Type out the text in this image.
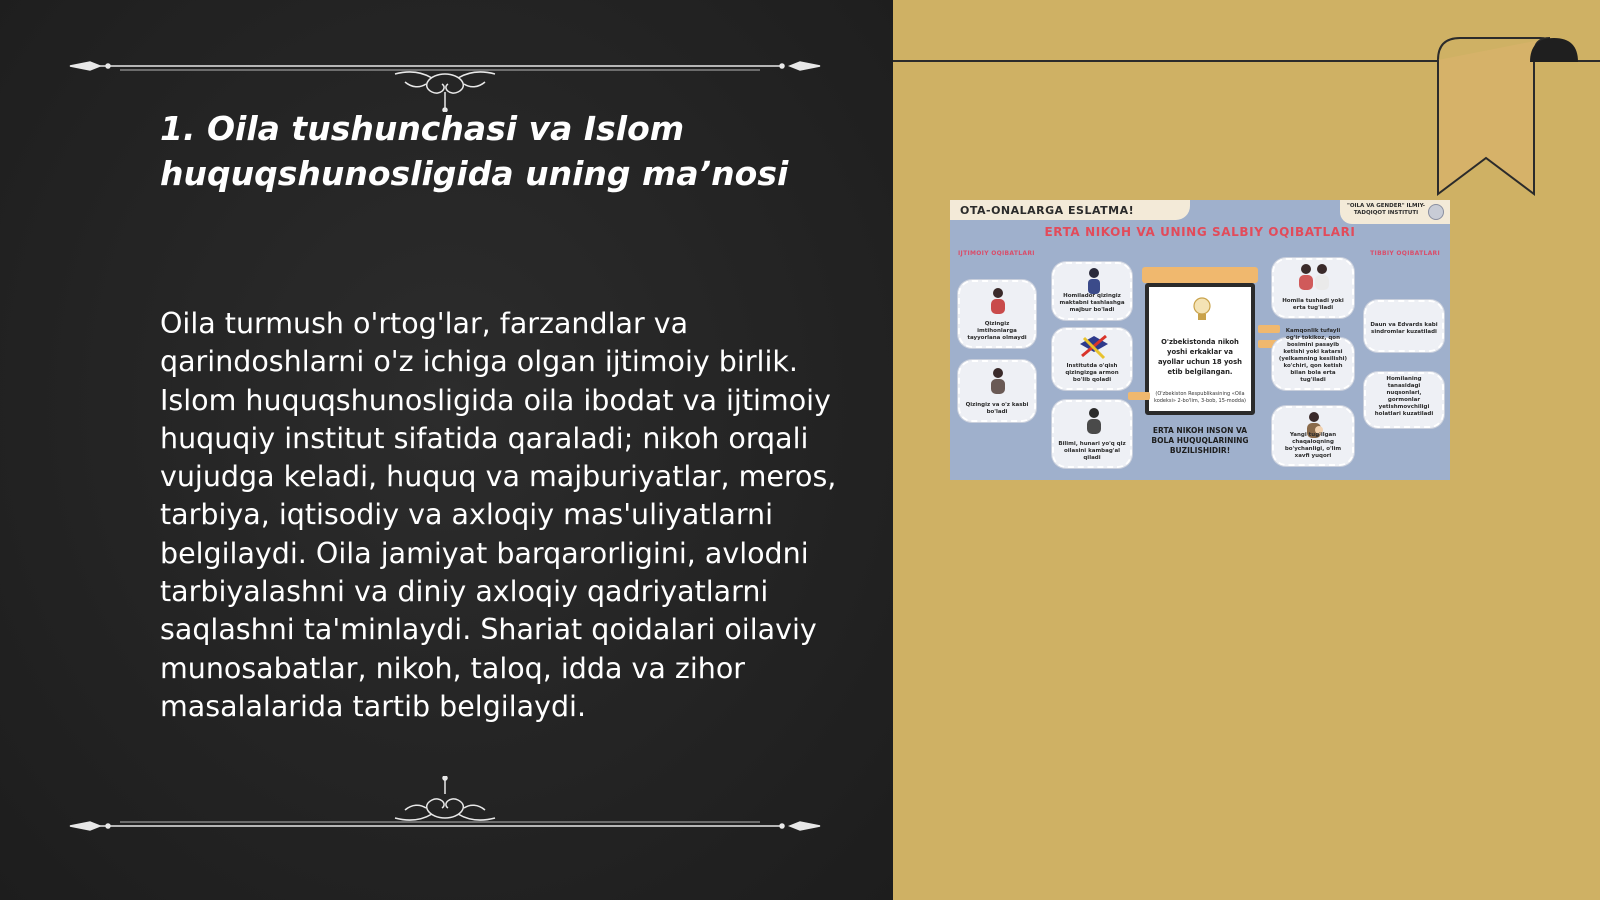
1. Oila tushunchasi va Islom huquqshunosligida uning ma’nosi
Oila turmush o'rtog'lar, farzandlar va qarindoshlarni o'z ichiga olgan ijtimoiy birlik. Islom huquqshunosligida oila ibodat va ijtimoiy huquqiy institut sifatida qaraladi; nikoh orqali vujudga keladi, huquq va majburiyatlar, meros, tarbiya, iqtisodiy va axloqiy mas'uliyatlarni belgilaydi. Oila jamiyat barqarorligini, avlodni tarbiyalashni va diniy axloqiy qadriyatlarni saqlashni ta'minlaydi. Shariat qoidalari oilaviy munosabatlar, nikoh, taloq, idda va zihor masalalarida tartib belgilaydi.
OTA-ONALARGA ESLATMA!	"OILA VA GENDER" ILMIY-TADQIQOT INSTITUTI
ERTA NIKOH VA UNING SALBIY OQIBATLARI
IJTIMOIY OQIBATLARI	TIBBIY OQIBATLARI
Qizingiz imtihonlarga tayyorlana olmaydi
Qizingiz va o'z kasbi bo'ladi
Homilador qizingiz maktabni tashlashga majbur bo'ladi
Institutda o'qish qizingizga armon bo'lib qoladi
Bilimi, hunari yo'q qiz oilasini kambag'al qiladi
O'zbekistonda nikoh yoshi erkaklar va ayollar uchun 18 yosh etib belgilangan.
(O'zbekiston Respublikasining «Oila kodeksi» 2-bo'lim, 3-bob, 15-modda)
ERTA NIKOH INSON VA BOLA HUQUQLARINING BUZILISHIDIR!
Homila tushadi yoki erta tug'iladi
Kamqonlik tufayli og'ir tokikoz, qon bosimini pasayib ketishi yoki katarsi (yelkamning kesilishi) ko'chiri, qon ketish bilan bola erta tug'iladi
Yangi tug'ilgan chaqaloqning bo'ychanligi, o'lim xavfi yuqori
Daun va Edvards kabi sindromlar kuzatiladi
Homilaning tanasidagi nuqsonlari, gormonlar yetishmovchiligi holatlari kuzatiladi
